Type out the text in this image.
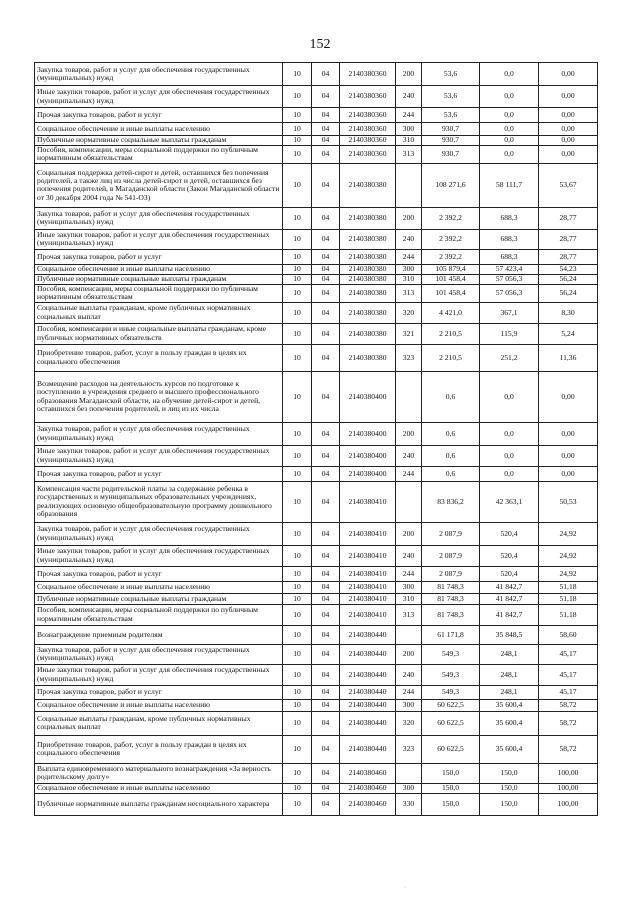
152
Закупка товаров, работ и услуг для обеспечения государственных (муниципальных) нужд	10	04	2140380360	200	53,6	0,0	0,00
Иные закупки товаров, работ и услуг для обеспечения государственных (муниципальных) нужд	10	04	2140380360	240	53,6	0,0	0,00
Прочая закупка товаров, работ и услуг	10	04	2140380360	244	53,6	0,0	0,00
Социальное обеспечение и иные выплаты населению	10	04	2140380360	300	930,7	0,0	0,00
Публичные нормативные социальные выплаты гражданам	10	04	2140380360	310	930,7	0,0	0,00
Пособия, компенсации, меры социальной поддержки по публичным нормативным обязательствам	10	04	2140380360	313	930,7	0,0	0,00
Социальная поддержка детей-сирот и детей, оставшихся без попечения родителей, а также лиц из числа детей-сирот и детей, оставшихся без попечения родителей, в Магаданской области (Закон Магаданской области от 30 декабря 2004 года № 541-ОЗ)	10	04	2140380380		108 271,6	58 111,7	53,67
Закупка товаров, работ и услуг для обеспечения государственных (муниципальных) нужд	10	04	2140380380	200	2 392,2	688,3	28,77
Иные закупки товаров, работ и услуг для обеспечения государственных (муниципальных) нужд	10	04	2140380380	240	2 392,2	688,3	28,77
Прочая закупка товаров, работ и услуг	10	04	2140380380	244	2 392,2	688,3	28,77
Социальное обеспечение и иные выплаты населению	10	04	2140380380	300	105 879,4	57 423,4	54,23
Публичные нормативные социальные выплаты гражданам	10	04	2140380380	310	101 458,4	57 056,3	56,24
Пособия, компенсации, меры социальной поддержки по публичным нормативным обязательствам	10	04	2140380380	313	101 458,4	57 056,3	56,24
Социальные выплаты гражданам, кроме публичных нормативных социальных выплат	10	04	2140380380	320	4 421,0	367,1	8,30
Пособия, компенсации и иные социальные выплаты гражданам, кроме публичных нормативных обязательств	10	04	2140380380	321	2 210,5	115,9	5,24
Приобретение товаров, работ, услуг в пользу граждан в целях их социального обеспечения	10	04	2140380380	323	2 210,5	251,2	11,36
Возмещение расходов на деятельность курсов по подготовке к поступлению в учреждения среднего и высшего профессионального образования Магаданской области, на обучение детей-сирот и детей, оставшихся без попечения родителей, и лиц из их числа	10	04	2140380400		0,6	0,0	0,00
Закупка товаров, работ и услуг для обеспечения государственных (муниципальных) нужд	10	04	2140380400	200	0,6	0,0	0,00
Иные закупки товаров, работ и услуг для обеспечения государственных (муниципальных) нужд	10	04	2140380400	240	0,6	0,0	0,00
Прочая закупка товаров, работ и услуг	10	04	2140380400	244	0,6	0,0	0,00
Компенсация части родительской платы за содержание ребенка в государственных и муниципальных образовательных учреждениях, реализующих основную общеобразовательную программу дошкольного образования	10	04	2140380410		83 836,2	42 363,1	50,53
Закупка товаров, работ и услуг для обеспечения государственных (муниципальных) нужд	10	04	2140380410	200	2 087,9	520,4	24,92
Иные закупки товаров, работ и услуг для обеспечения государственных (муниципальных) нужд	10	04	2140380410	240	2 087,9	520,4	24,92
Прочая закупка товаров, работ и услуг	10	04	2140380410	244	2 087,9	520,4	24,92
Социальное обеспечение и иные выплаты населению	10	04	2140380410	300	81 748,3	41 842,7	51,18
Публичные нормативные социальные выплаты гражданам	10	04	2140380410	310	81 748,3	41 842,7	51,18
Пособия, компенсации, меры социальной поддержки по публичным нормативным обязательствам	10	04	2140380410	313	81 748,3	41 842,7	51,18
Вознаграждение приемным родителям	10	04	2140380440		61 171,8	35 848,5	58,60
Закупка товаров, работ и услуг для обеспечения государственных (муниципальных) нужд	10	04	2140380440	200	549,3	248,1	45,17
Иные закупки товаров, работ и услуг для обеспечения государственных (муниципальных) нужд	10	04	2140380440	240	549,3	248,1	45,17
Прочая закупка товаров, работ и услуг	10	04	2140380440	244	549,3	248,1	45,17
Социальное обеспечение и иные выплаты населению	10	04	2140380440	300	60 622,5	35 600,4	58,72
Социальные выплаты гражданам, кроме публичных нормативных социальных выплат	10	04	2140380440	320	60 622,5	35 600,4	58,72
Приобретение товаров, работ, услуг в пользу граждан в целях их социального обеспечения	10	04	2140380440	323	60 622,5	35 600,4	58,72
Выплата единовременного материального вознаграждения «За верность родительскому долгу»	10	04	2140380460		150,0	150,0	100,00
Социальное обеспечение и иные выплаты населению	10	04	2140380460	300	150,0	150,0	100,00
Публичные нормативные выплаты гражданам несоциального характера	10	04	2140380460	330	150,0	150,0	100,00
·
